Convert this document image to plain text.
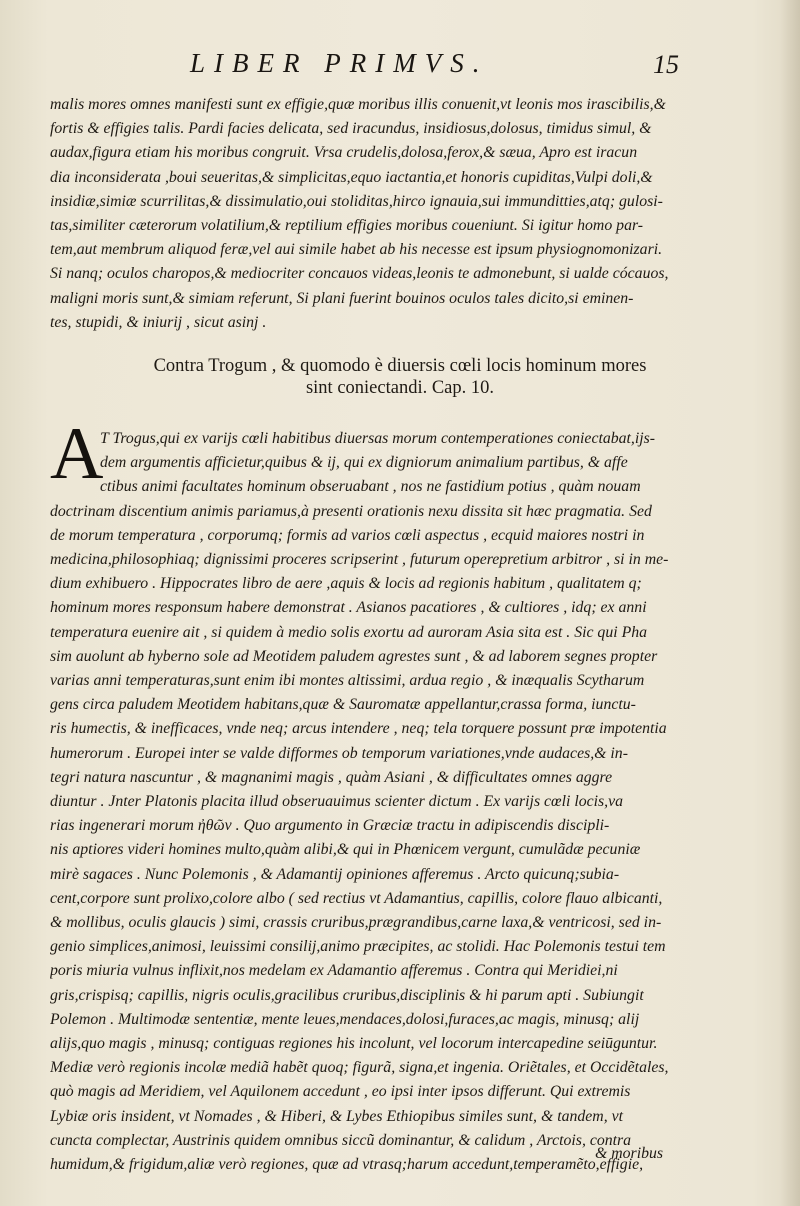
LIBER PRIMVS.	15
malis mores omnes manifesti sunt ex effigie,quæ moribus illis conuenit,vt leonis mos irascibilis,&
fortis & effigies talis. Pardi facies delicata, sed iracundus, insidiosus,dolosus, timidus simul, &
audax,figura etiam his moribus congruit. Vrsa crudelis,dolosa,ferox,& sæua, Apro est iracun
dia inconsiderata ,boui seueritas,& simplicitas,equo iactantia,et honoris cupiditas,Vulpi doli,&
insidiæ,simiæ scurrilitas,& dissimulatio,oui stoliditas,hirco ignauia,sui immunditties,atq; gulosi-
tas,similiter cæterorum volatilium,& reptilium effigies moribus coueniunt. Si igitur homo par-
tem,aut membrum aliquod feræ,vel aui simile habet ab his necesse est ipsum physiognomonizari.
Si nanq; oculos charopos,& mediocriter concauos videas,leonis te admonebunt, si ualde cócauos,
maligni moris sunt,& simiam referunt, Si plani fuerint bouinos oculos tales dicito,si eminen-
tes, stupidi, & iniurij , sicut asinj .
Contra Trogum , & quomodo è diuersis cœli locis hominum mores
sint coniectandi. Cap. 10.
A
T Trogus,qui ex varijs cœli habitibus diuersas morum contemperationes coniectabat,ijs-
dem argumentis afficietur,quibus & ij, qui ex digniorum animalium partibus, & affe
ctibus animi facultates hominum obseruabant , nos ne fastidium potius , quàm nouam
doctrinam discentium animis pariamus,à presenti orationis nexu dissita sit hæc pragmatia. Sed
de morum temperatura , corporumq; formis ad varios cœli aspectus , ecquid maiores nostri in
medicina,philosophiaq; dignissimi proceres scripserint , futurum operepretium arbitror , si in me-
dium exhibuero . Hippocrates libro de aere ,aquis & locis ad regionis habitum , qualitatem q;
hominum mores responsum habere demonstrat . Asianos pacatiores , & cultiores , idq; ex anni
temperatura euenire ait , si quidem à medio solis exortu ad auroram Asia sita est . Sic qui Pha
sim auolunt ab hyberno sole ad Meotidem paludem agrestes sunt , & ad laborem segnes propter
varias anni temperaturas,sunt enim ibi montes altissimi, ardua regio , & inæqualis Scytharum
gens circa paludem Meotidem habitans,quæ & Sauromatæ appellantur,crassa forma, iunctu-
ris humectis, & inefficaces, vnde neq; arcus intendere , neq; tela torquere possunt præ impotentia
humerorum . Europei inter se valde difformes ob temporum variationes,vnde audaces,& in-
tegri natura nascuntur , & magnanimi magis , quàm Asiani , & difficultates omnes aggre
diuntur . Jnter Platonis placita illud obseruauimus scienter dictum . Ex varijs cœli locis,va
rias ingenerari morum ἠθῶν . Quo argumento in Græciæ tractu in adipiscendis discipli-
nis aptiores videri homines multo,quàm alibi,& qui in Phœnicem vergunt, cumulãdæ pecuniæ
mirè sagaces . Nunc Polemonis , & Adamantij opiniones afferemus . Arcto quicunq;subia-
cent,corpore sunt prolixo,colore albo ( sed rectius vt Adamantius, capillis, colore flauo albicanti,
& mollibus, oculis glaucis ) simi, crassis cruribus,prægrandibus,carne laxa,& ventricosi, sed in-
genio simplices,animosi, leuissimi consilij,animo præcipites, ac stolidi. Hac Polemonis testui tem
poris miuria vulnus inflixit,nos medelam ex Adamantio afferemus . Contra qui Meridiei,ni
gris,crispisq; capillis, nigris oculis,gracilibus cruribus,disciplinis & hi parum apti . Subiungit
Polemon . Multimodæ sententiæ, mente leues,mendaces,dolosi,furaces,ac magis, minusq; alij
alijs,quo magis , minusq; contiguas regiones his incolunt, vel locorum intercapedine seiūguntur.
Mediæ verò regionis incolæ mediã habẽt quoq; figurã, signa,et ingenia. Oriẽtales, et Occidẽtales,
quò magis ad Meridiem, vel Aquilonem accedunt , eo ipsi inter ipsos differunt. Qui extremis
Lybiæ oris insident, vt Nomades , & Hiberi, & Lybes Ethiopibus similes sunt, & tandem, vt
cuncta complectar, Austrinis quidem omnibus siccũ dominantur, & calidum , Arctois, contra
humidum,& frigidum,aliæ verò regiones, quæ ad vtrasq;harum accedunt,temperamẽto,effigie,
& moribus
